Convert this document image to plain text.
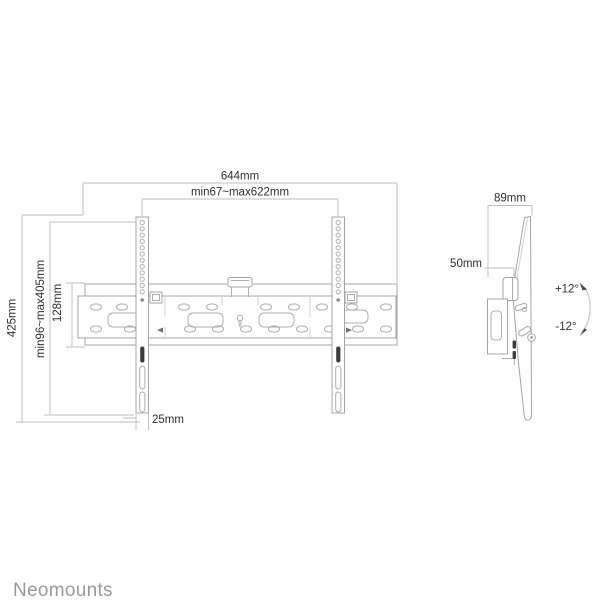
644mm
min67~max622mm
425mm min96~max405mm 128mm
25mm
89mm
50mm
+12°
-12°
Neomounts
